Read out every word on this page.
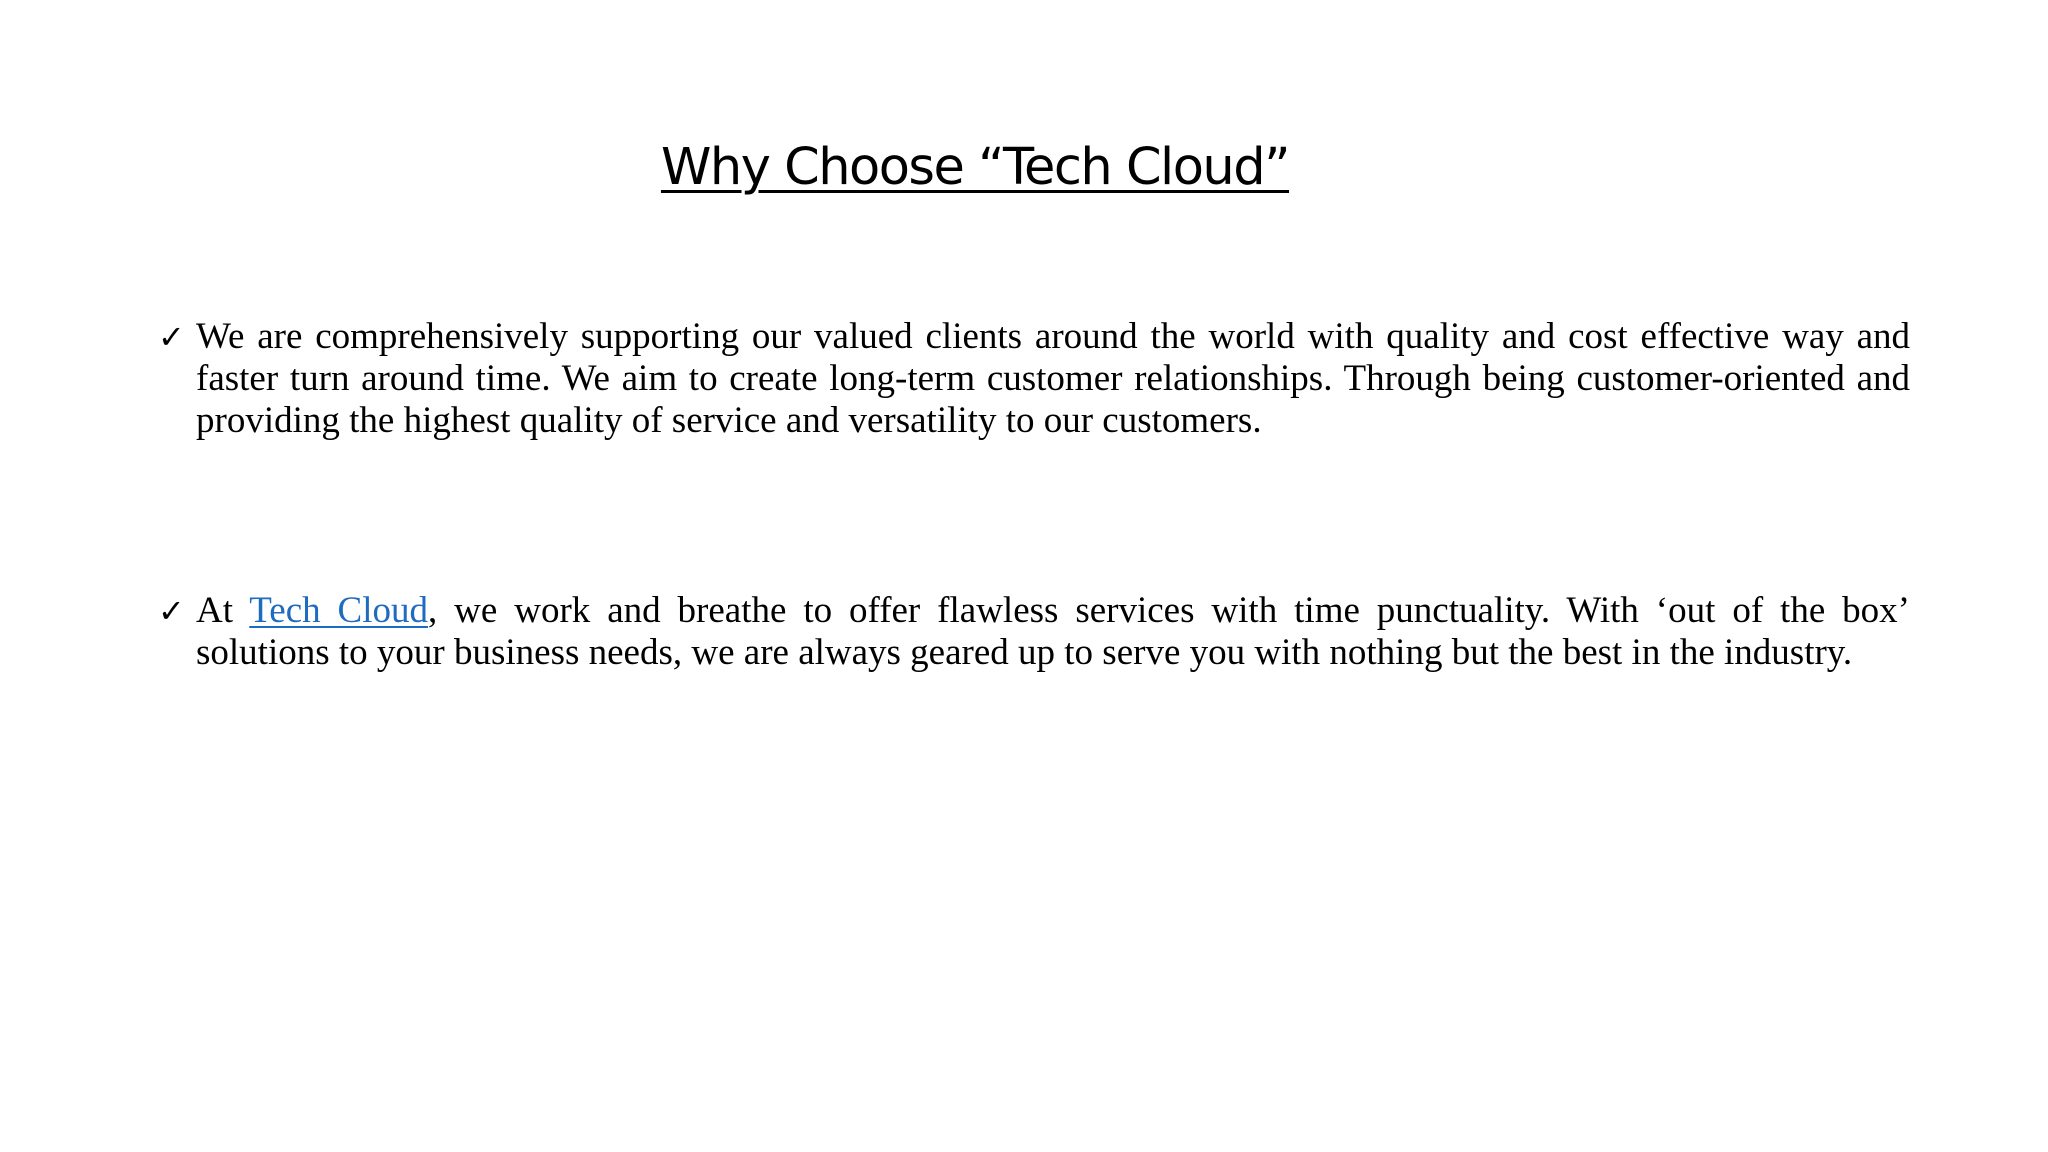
Why Choose “Tech Cloud”
✓ We are comprehensively supporting our valued clients around the world with quality and cost effective way and faster turn around time. We aim to create long-term customer relationships. Through being customer-oriented and providing the highest quality of service and versatility to our customers.
✓ At Tech Cloud, we work and breathe to offer flawless services with time punctuality. With ‘out of the box’ solutions to your business needs, we are always geared up to serve you with nothing but the best in the industry.
